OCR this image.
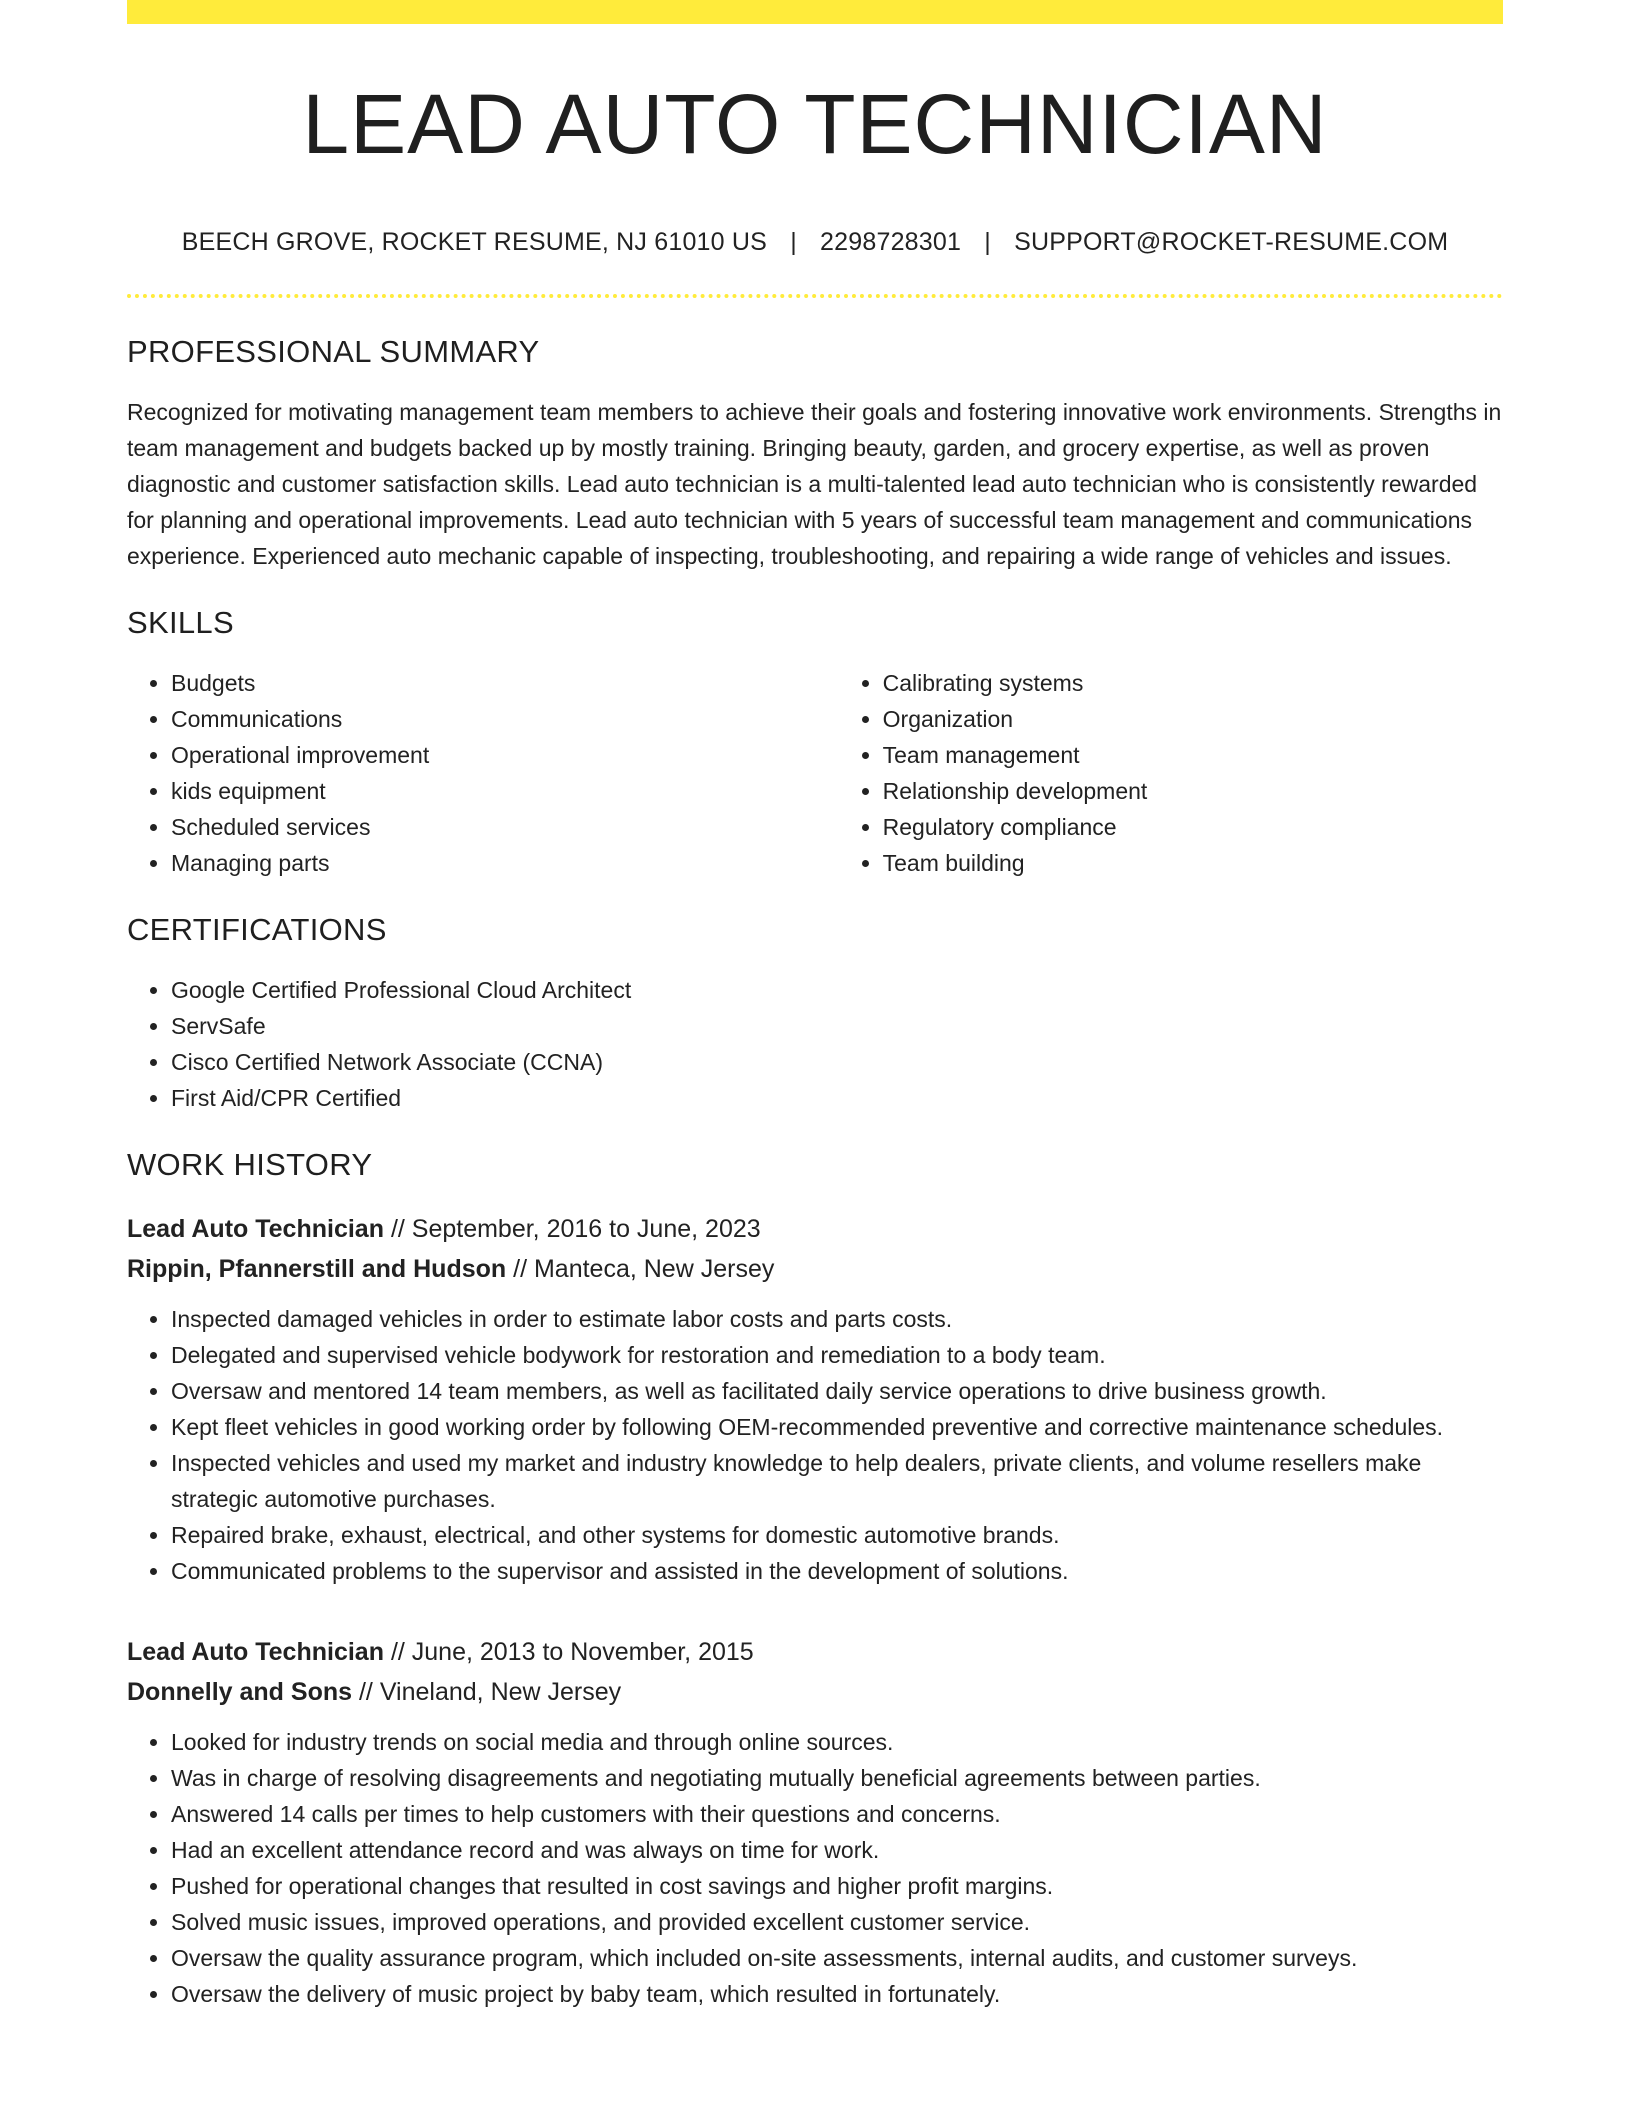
LEAD AUTO TECHNICIAN
BEECH GROVE, ROCKET RESUME, NJ 61010 US | 2298728301 | SUPPORT@ROCKET-RESUME.COM
PROFESSIONAL SUMMARY

Recognized for motivating management team members to achieve their goals and fostering innovative work environments. Strengths in team management and budgets backed up by mostly training. Bringing beauty, garden, and grocery expertise, as well as proven diagnostic and customer satisfaction skills. Lead auto technician is a multi-talented lead auto technician who is consistently rewarded for planning and operational improvements. Lead auto technician with 5 years of successful team management and communications experience. Experienced auto mechanic capable of inspecting, troubleshooting, and repairing a wide range of vehicles and issues.

SKILLS
• Budgets
• Communications
• Operational improvement
• kids equipment
• Scheduled services
• Managing parts
• Calibrating systems
• Organization
• Team management
• Relationship development
• Regulatory compliance
• Team building
CERTIFICATIONS
• Google Certified Professional Cloud Architect
• ServSafe
• Cisco Certified Network Associate (CCNA)
• First Aid/CPR Certified
WORK HISTORY
Lead Auto Technician // September, 2016 to June, 2023
Rippin, Pfannerstill and Hudson // Manteca, New Jersey
• Inspected damaged vehicles in order to estimate labor costs and parts costs.
• Delegated and supervised vehicle bodywork for restoration and remediation to a body team.
• Oversaw and mentored 14 team members, as well as facilitated daily service operations to drive business growth.
• Kept fleet vehicles in good working order by following OEM-recommended preventive and corrective maintenance schedules.
• Inspected vehicles and used my market and industry knowledge to help dealers, private clients, and volume resellers make strategic automotive purchases.
• Repaired brake, exhaust, electrical, and other systems for domestic automotive brands.
• Communicated problems to the supervisor and assisted in the development of solutions.
Lead Auto Technician // June, 2013 to November, 2015
Donnelly and Sons // Vineland, New Jersey
• Looked for industry trends on social media and through online sources.
• Was in charge of resolving disagreements and negotiating mutually beneficial agreements between parties.
• Answered 14 calls per times to help customers with their questions and concerns.
• Had an excellent attendance record and was always on time for work.
• Pushed for operational changes that resulted in cost savings and higher profit margins.
• Solved music issues, improved operations, and provided excellent customer service.
• Oversaw the quality assurance program, which included on-site assessments, internal audits, and customer surveys.
• Oversaw the delivery of music project by baby team, which resulted in fortunately.
